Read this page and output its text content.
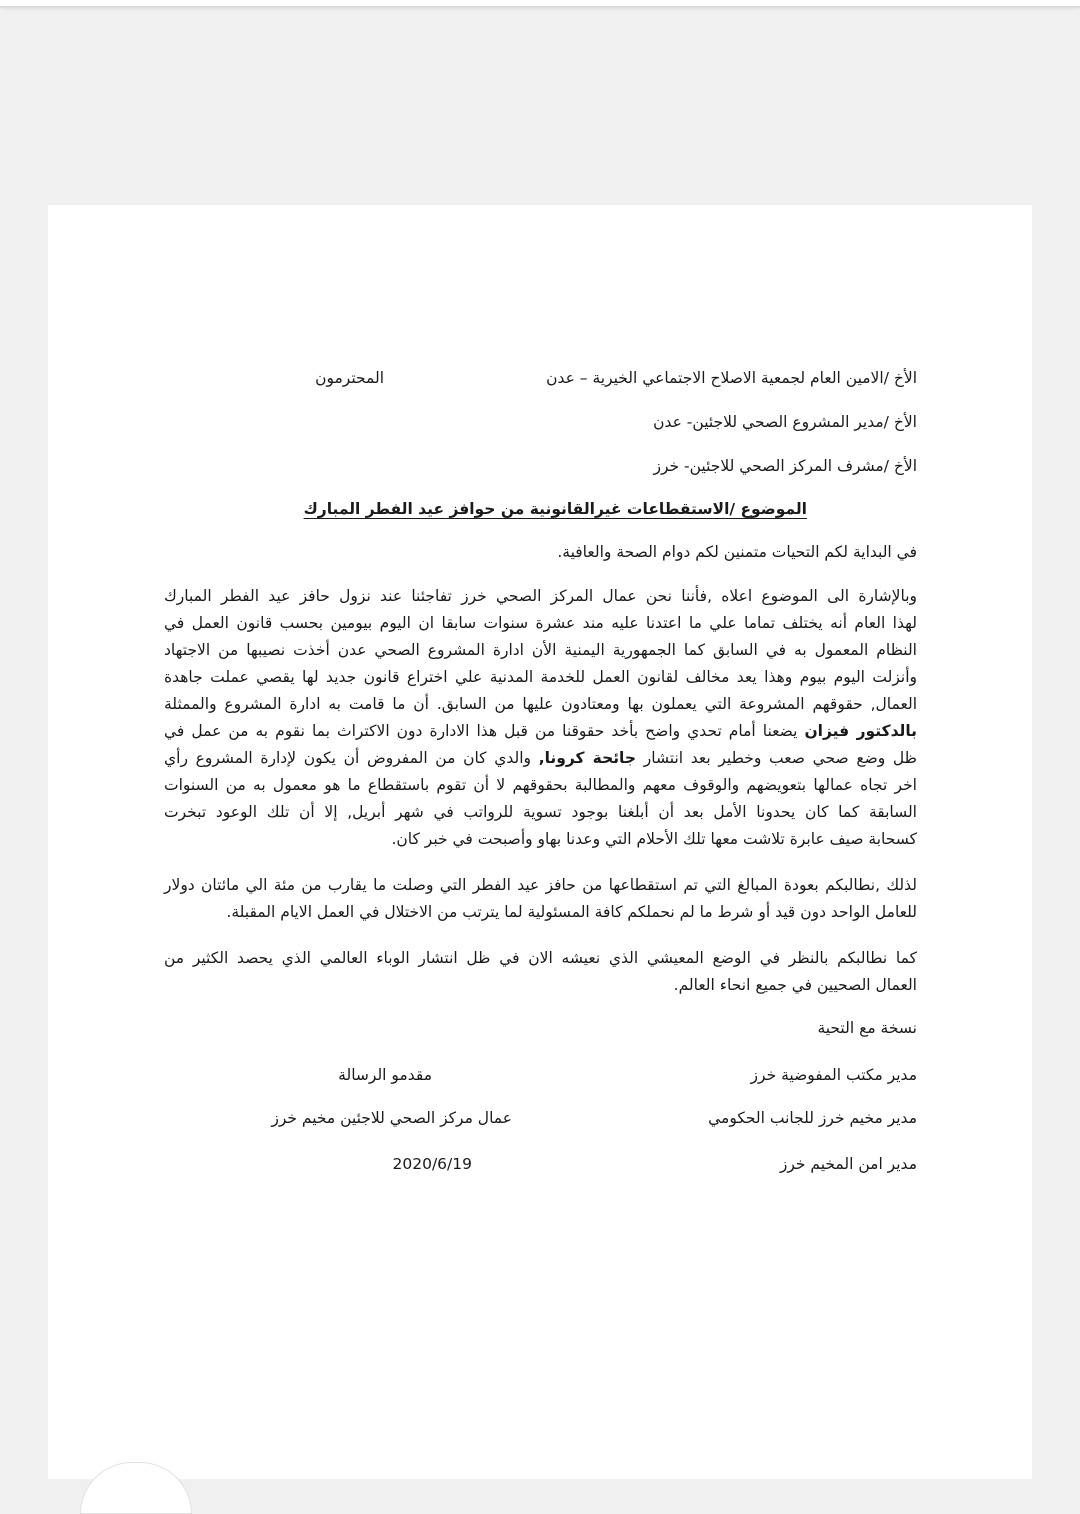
الأخ /الامين العام لجمعية الاصلاح الاجتماعي الخيرية – عدن
المحترمون
الأخ /مدير المشروع الصحي للاجئين- عدن
الأخ /مشرف المركز الصحي للاجئين- خرز
الموضوع /الاستقطاعات غيرالقانونية من حوافز عيد الفطر المبارك
في البداية لكم التحيات متمنين لكم دوام الصحة والعافية.
وبالإشارة الى الموضوع اعلاه ,فأننا نحن عمال المركز الصحي خرز تفاجئنا عند نزول حافز عيد الفطر المبارك
لهذا العام أنه يختلف تماما علي ما اعتدنا عليه مند عشرة سنوات سابقا ان اليوم بيومين بحسب قانون العمل في
النظام المعمول به في السابق كما الجمهورية اليمنية الأن ادارة المشروع الصحي عدن أخذت نصيبها من الاجتهاد
وأنزلت اليوم بيوم وهذا يعد مخالف لقانون العمل للخدمة المدنية علي اختراع قانون جديد لها يقصي عملت جاهدة
العمال, حقوقهم المشروعة التي يعملون بها ومعتادون عليها من السابق. أن ما قامت به ادارة المشروع والممثلة
بالدكتور فيزان يضعنا أمام تحدي واضح بأخد حقوقنا من قبل هذا الادارة دون الاكتراث بما نقوم به من عمل في
ظل وضع صحي صعب وخطير بعد انتشار جائحة كرونا, والدي كان من المفروض أن يكون لإدارة المشروع رأي
اخر تجاه عمالها بتعويضهم والوقوف معهم والمطالبة بحقوقهم لا أن تقوم باستقطاع ما هو معمول به من السنوات
السابقة كما كان يحدونا الأمل بعد أن أبلغنا بوجود تسوية للرواتب في شهر أبريل, إلا أن تلك الوعود تبخرت
كسحابة صيف عابرة تلاشت معها تلك الأحلام التي وعدنا بهاو وأصبحت في خبر كان.
لذلك ,نطالبكم بعودة المبالغ التي تم استقطاعها من حافز عيد الفطر التي وصلت ما يقارب من مئة الي مائتان دولار
للعامل الواحد دون قيد أو شرط ما لم نحملكم كافة المسئولية لما يترتب من الاختلال في العمل الايام المقبلة.
كما نطالبكم بالنظر في الوضع المعيشي الذي نعيشه الان في ظل انتشار الوباء العالمي الذي يحصد الكثير من
العمال الصحيين في جميع انحاء العالم.
نسخة مع التحية
مدير مكتب المفوضية خرز
مقدمو الرسالة
مدير مخيم خرز للجانب الحكومي
عمال مركز الصحي للاجئين مخيم خرز
مدير امن المخيم خرز
2020/6/19
